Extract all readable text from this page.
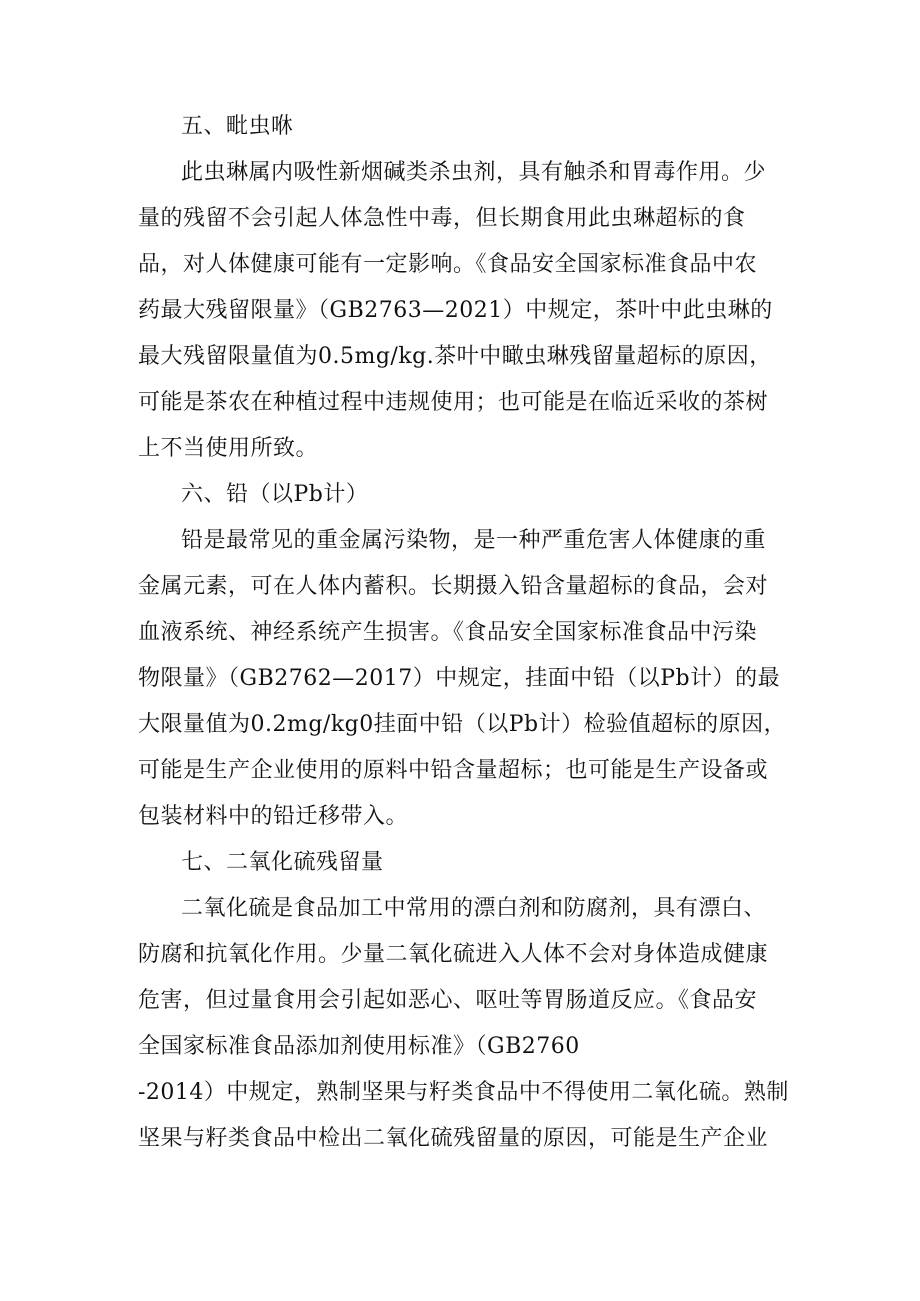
五、毗虫咻
此虫琳属内吸性新烟碱类杀虫剂，具有触杀和胃毒作用。少
量的残留不会引起人体急性中毒，但长期食用此虫琳超标的食
品，对人体健康可能有一定影响。《食品安全国家标准食品中农
药最大残留限量》（GB2763—2021）中规定，茶叶中此虫琳的
最大残留限量值为0.5mg/kg.茶叶中瞰虫琳残留量超标的原因，
可能是茶农在种植过程中违规使用；也可能是在临近采收的茶树
上不当使用所致。
六、铅（以Pb计）
铅是最常见的重金属污染物，是一种严重危害人体健康的重
金属元素，可在人体内蓄积。长期摄入铅含量超标的食品，会对
血液系统、神经系统产生损害。《食品安全国家标准食品中污染
物限量》（GB2762—2017）中规定，挂面中铅（以Pb计）的最
大限量值为0.2mg/kg0挂面中铅（以Pb计）检验值超标的原因，
可能是生产企业使用的原料中铅含量超标；也可能是生产设备或
包装材料中的铅迁移带入。
七、二氧化硫残留量
二氧化硫是食品加工中常用的漂白剂和防腐剂，具有漂白、
防腐和抗氧化作用。少量二氧化硫进入人体不会对身体造成健康
危害，但过量食用会引起如恶心、呕吐等胃肠道反应。《食品安
全国家标准食品添加剂使用标准》（GB2760
-2014）中规定，熟制坚果与籽类食品中不得使用二氧化硫。熟制
坚果与籽类食品中检出二氧化硫残留量的原因，可能是生产企业
